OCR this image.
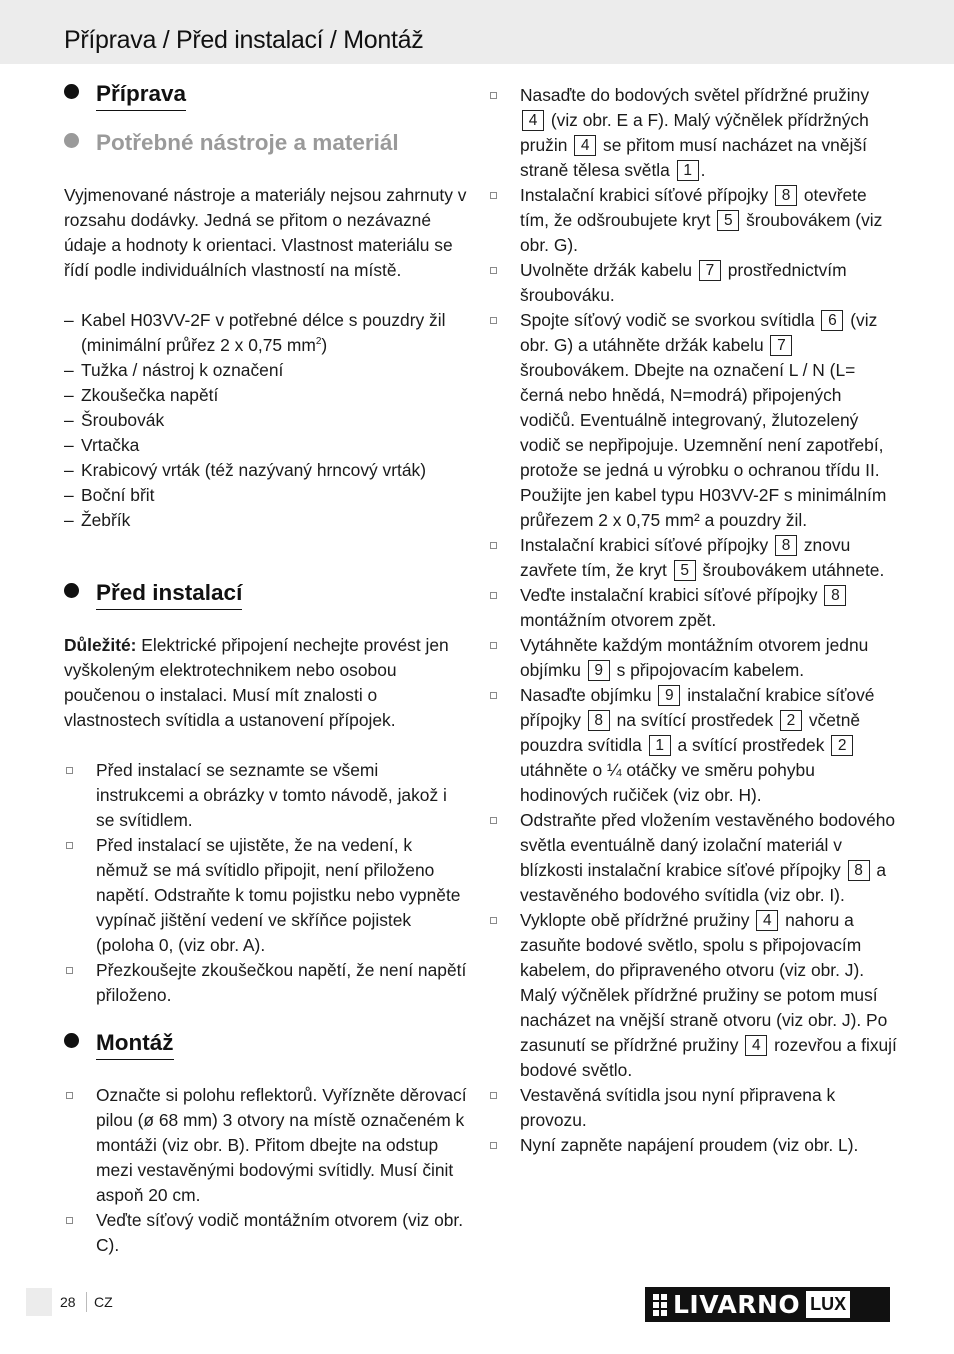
Příprava / Před instalací / Montáž
Příprava
Potřebné nástroje a materiál

Vyjmenované nástroje a materiály nejsou zahrnuty v rozsahu dodávky. Jedná se přitom o nezávazné údaje a hodnoty k orientaci. Vlastnost materiálu se řídí podle individuálních vlastností na místě.

– Kabel H03VV-2F v potřebné délce s pouzdry žil (minimální průřez 2 x 0,75 $mm^2$)
– Tužka / nástroj k označení
– Zkoušečka napětí
– Šroubovák
– Vrtačka
– Krabicový vrták (též nazývaný hrncový vrták)
– Boční břit
– Žebřík
Před instalací

Důležité: Elektrické připojení nechejte provést jen vyškoleným elektrotechnikem nebo osobou poučenou o instalaci. Musí mít znalosti o vlastnostech svítidla a ustanovení přípojek.

Před instalací se seznamte se všemi instrukcemi a obrázky v tomto návodě, jakož i se svítidlem.
Před instalací se ujistěte, že na vedení, k němuž se má svítidlo připojit, není přiloženo napětí. Odstraňte k tomu pojistku nebo vypněte vypínač jištění vedení ve skříňce pojistek (poloha 0, (viz obr. A).
Přezkoušejte zkoušečkou napětí, že není napětí přiloženo.
Montáž
Označte si polohu reflektorů. Vyřízněte děrovací pilou (ø 68 mm) 3 otvory na místě označeném k montáži (viz obr. B). Přitom dbejte na odstup mezi vestavěnými bodovými svítidly. Musí činit aspoň 20 cm.
Veďte síťový vodič montážním otvorem (viz obr. C).
Nasaďte do bodových světel přídržné pružiny 4 (viz obr. E a F). Malý výčnělek přídržných pružin 4 se přitom musí nacházet na vnější straně tělesa světla 1 .
Instalační krabici síťové přípojky 8 otevřete tím, že odšroubujete kryt 5 šroubovákem (viz obr. G).
Uvolněte držák kabelu 7 prostřednictvím šroubováku.
Spojte síťový vodič se svorkou svítidla 6 (viz obr. G) a utáhněte držák kabelu 7 šroubovákem. Dbejte na označení L / N (L= černá nebo hnědá, N=modrá) připojených vodičů. Eventuálně integrovaný, žlutozelený vodič se nepřipojuje. Uzemnění není zapotřebí, protože se jedná u výrobku o ochranou třídu II. Použijte jen kabel typu H03VV-2F s minimálním průřezem 2 x 0,75 mm² a pouzdry žil.
Instalační krabici síťové přípojky 8 znovu zavřete tím, že kryt 5 šroubovákem utáhnete.
Veďte instalační krabici síťové přípojky 8 montážním otvorem zpět.
Vytáhněte každým montážním otvorem jednu objímku 9 s připojovacím kabelem.
Nasaďte objímku 9 instalační krabice síťové přípojky 8 na svítící prostředek 2 včetně pouzdra svítidla 1 a svítící prostředek 2 utáhněte o ¼ otáčky ve směru pohybu hodinových ručiček (viz obr. H).
Odstraňte před vložením vestavěného bodového světla eventuálně daný izolační materiál v blízkosti instalační krabice síťové přípojky 8 a vestavěného bodového svítidla (viz obr. I).
Vyklopte obě přídržné pružiny 4 nahoru a zasuňte bodové světlo, spolu s připojovacím kabelem, do připraveného otvoru (viz obr. J). Malý výčnělek přídržné pružiny se potom musí nacházet na vnější straně otvoru (viz obr. J). Po zasunutí se přídržné pružiny 4 rozevřou a fixují bodové světlo.
Vestavěná svítidla jsou nyní připravena k provozu.
Nyní zapněte napájení proudem (viz obr. L).
28 CZ	LIVARNO LUX
